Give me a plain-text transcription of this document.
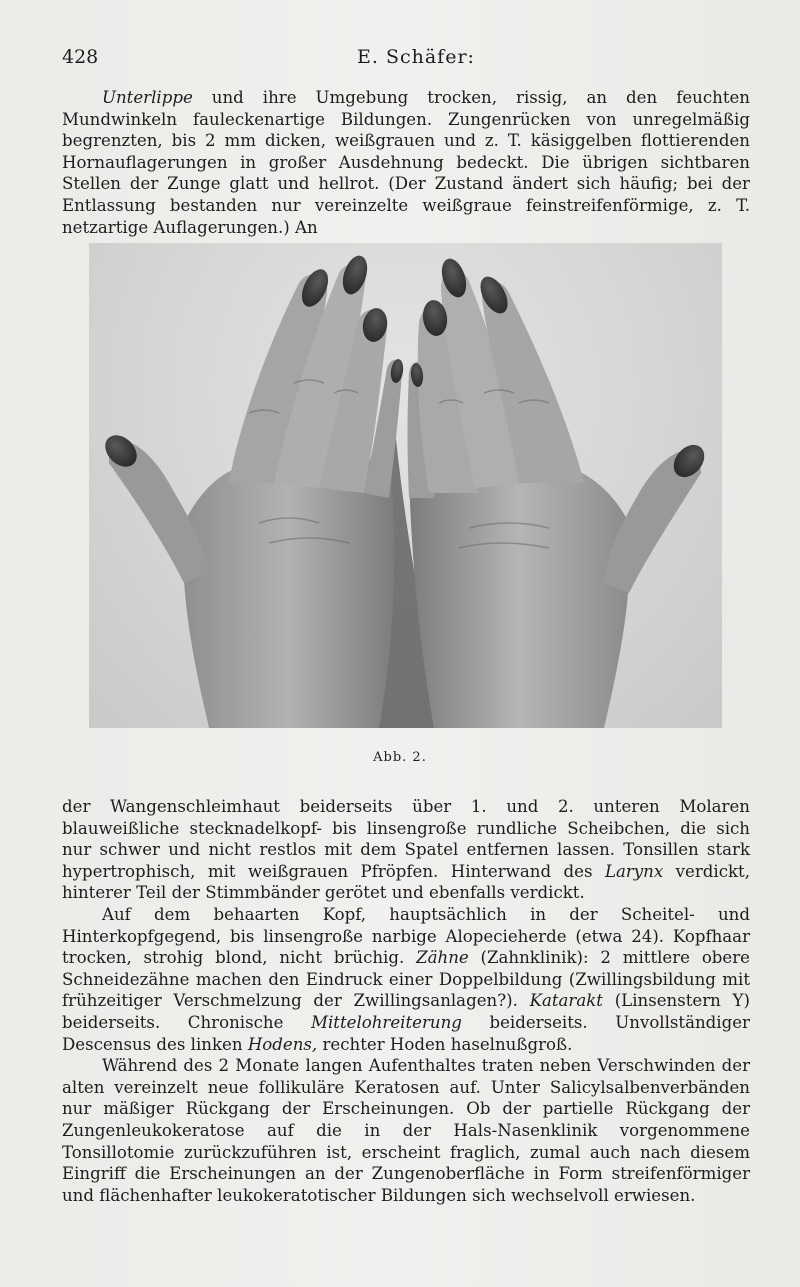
428	E. Schäfer:

Unterlippe und ihre Umgebung trocken, rissig, an den feuchten Mundwinkeln fauleckenartige Bildungen. Zungenrücken von unregelmäßig begrenzten, bis 2 mm dicken, weißgrauen und z. T. käsiggelben flottierenden Hornauflagerungen in großer Ausdehnung bedeckt. Die übrigen sichtbaren Stellen der Zunge glatt und hellrot. (Der Zustand ändert sich häufig; bei der Entlassung bestanden nur vereinzelte weißgraue feinstreifenförmige, z. T. netzartige Auflagerungen.) An

Abb. 2.

der Wangenschleimhaut beiderseits über 1. und 2. unteren Molaren blauweißliche stecknadelkopf- bis linsengroße rundliche Scheibchen, die sich nur schwer und nicht restlos mit dem Spatel entfernen lassen. Tonsillen stark hypertrophisch, mit weißgrauen Pfröpfen. Hinterwand des Larynx verdickt, hinterer Teil der Stimmbänder gerötet und ebenfalls verdickt.

Auf dem behaarten Kopf, hauptsächlich in der Scheitel- und Hinterkopfgegend, bis linsengroße narbige Alopecieherde (etwa 24). Kopfhaar trocken, strohig blond, nicht brüchig. Zähne (Zahnklinik): 2 mittlere obere Schneidezähne machen den Eindruck einer Doppelbildung (Zwillingsbildung mit frühzeitiger Verschmelzung der Zwillingsanlagen?). Katarakt (Linsenstern Y) beiderseits. Chronische Mittelohreiterung beiderseits. Unvollständiger Descensus des linken Hodens, rechter Hoden haselnußgroß.

Während des 2 Monate langen Aufenthaltes traten neben Verschwinden der alten vereinzelt neue follikuläre Keratosen auf. Unter Salicylsalbenverbänden nur mäßiger Rückgang der Erscheinungen. Ob der partielle Rückgang der Zungenleukokeratose auf die in der Hals-Nasenklinik vorgenommene Tonsillotomie zurückzuführen ist, erscheint fraglich, zumal auch nach diesem Eingriff die Erscheinungen an der Zungenoberfläche in Form streifenförmiger und flächenhafter leukokeratotischer Bildungen sich wechselvoll erwiesen.
